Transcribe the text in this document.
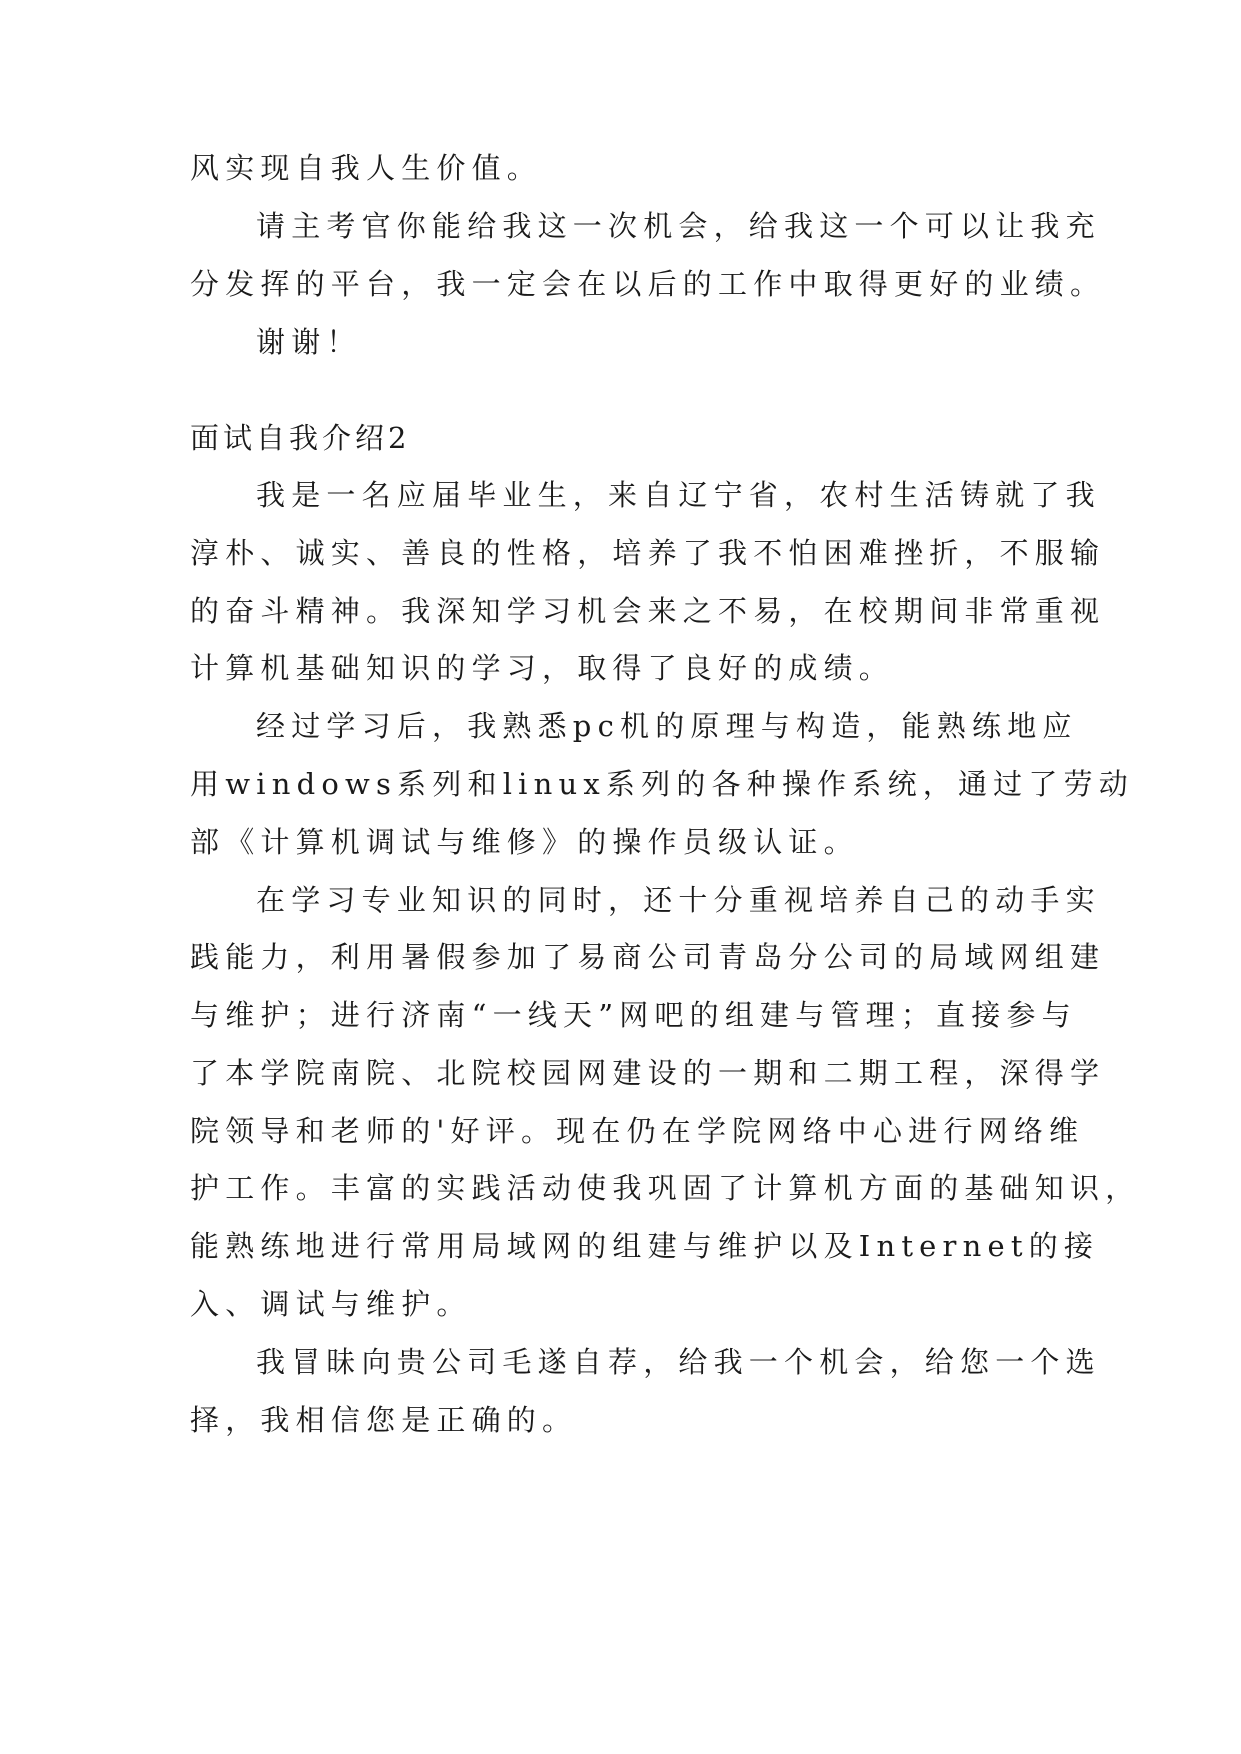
风实现自我人生价值。
请主考官你能给我这一次机会，给我这一个可以让我充
分发挥的平台，我一定会在以后的工作中取得更好的业绩。
谢谢！
面试自我介绍2
我是一名应届毕业生，来自辽宁省，农村生活铸就了我
淳朴、诚实、善良的性格，培养了我不怕困难挫折，不服输
的奋斗精神。我深知学习机会来之不易，在校期间非常重视
计算机基础知识的学习，取得了良好的成绩。
经过学习后，我熟悉pc机的原理与构造，能熟练地应
用windows系列和linux系列的各种操作系统，通过了劳动
部《计算机调试与维修》的操作员级认证。
在学习专业知识的同时，还十分重视培养自己的动手实
践能力，利用暑假参加了易商公司青岛分公司的局域网组建
与维护；进行济南“一线天”网吧的组建与管理；直接参与
了本学院南院、北院校园网建设的一期和二期工程，深得学
院领导和老师的'好评。现在仍在学院网络中心进行网络维
护工作。丰富的实践活动使我巩固了计算机方面的基础知识，
能熟练地进行常用局域网的组建与维护以及Internet的接
入、调试与维护。
我冒昧向贵公司毛遂自荐，给我一个机会，给您一个选
择，我相信您是正确的。
